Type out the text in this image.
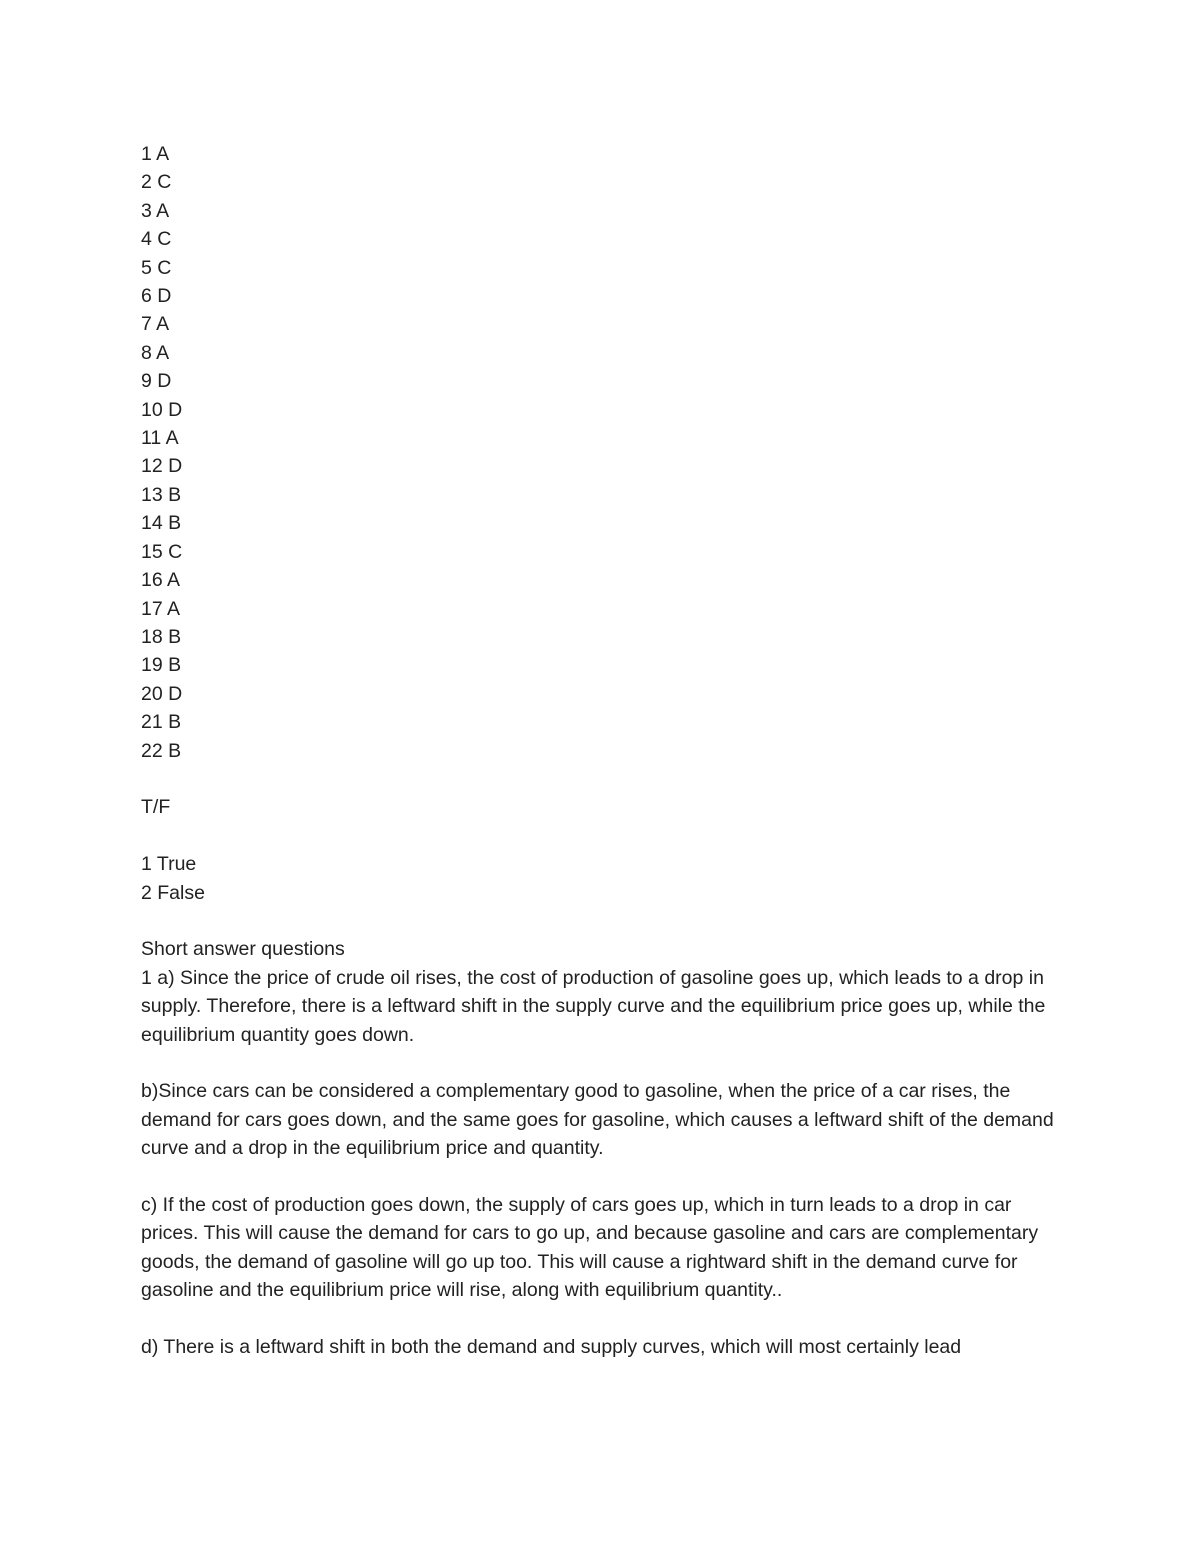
1 A
2 C
3 A
4 C
5 C
6 D
7 A
8 A
9 D
10 D
11 A
12 D
13 B
14 B
15 C
16 A
17 A
18 B
19 B
20 D
21 B
22 B
T/F
1 True
2 False
Short answer questions
1 a) Since the price of crude oil rises, the cost of production of gasoline goes up, which leads to a drop in supply. Therefore, there is a leftward shift in the supply curve and the equilibrium price goes up, while the equilibrium quantity goes down.
b)Since cars can be considered a complementary good to gasoline, when the price of a car rises, the demand for cars goes down, and the same goes for gasoline, which causes a leftward shift of the demand curve and a drop in the equilibrium price and quantity.
c) If the cost of production goes down, the supply of cars goes up, which in turn leads to a drop in car prices. This will cause the demand for cars to go up, and because gasoline and cars are complementary goods, the demand of gasoline will go up too. This will cause a rightward shift in the demand curve for gasoline and the equilibrium price will rise, along with equilibrium quantity..
d) There is a leftward shift in both the demand and supply curves, which will most certainly lead
